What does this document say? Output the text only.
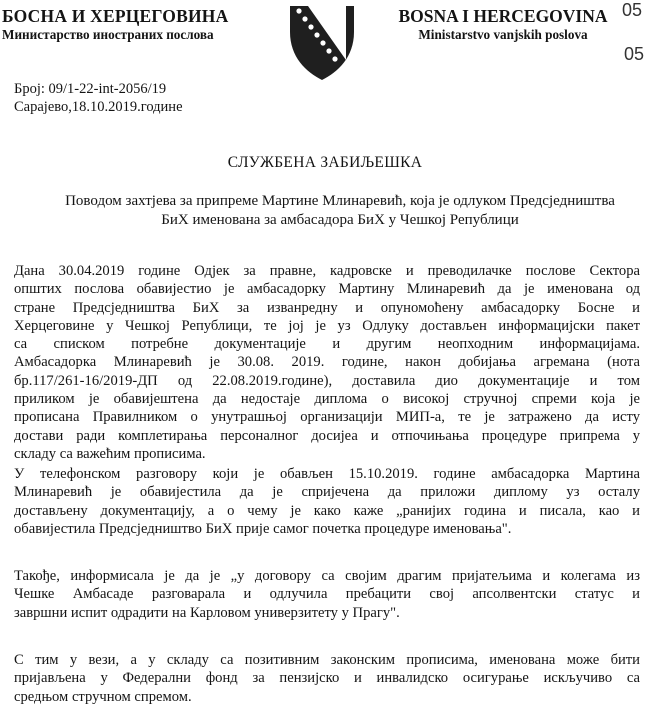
БОСНА И ХЕРЦЕГОВИНА
Министарство иностраних послова
BOSNA I HERCEGOVINA
Ministarstvo vanjskih poslova
05
05
Број: 09/1-22-int-2056/19
Сарајево,18.10.2019.године
СЛУЖБЕНА ЗАБИЉЕШКА
Поводом захтјева за припреме Мартине Млинаревић, која је одлуком Предсједништва
БиХ именована за амбасадора БиХ у Чешкој Републици
Дана 30.04.2019 године Одјек за правне, кадровске и преводилачке послове Сектора
општих послова обавијестио је амбасадорку Мартину Млинаревић да је именована од
стране Предсједништва БиХ за изванредну и опуномоћену амбасадорку Босне и
Херцеговине у Чешкој Републици, те јој је уз Одлуку достављен информацијски пакет
са списком потребне документације и другим неопходним информацијама.
Амбасадорка Млинаревић је 30.08. 2019. године, након добијања агремана (нота
бр.117/261-16/2019-ДП од 22.08.2019.године), доставила дио документације и том
приликом је обавијештена да недостаје диплома о високој стручној спреми која је
прописана Правилником о унутрашњој организацији МИП-а, те је затражено да исту
достави ради комплетирања персоналног досијеа и отпочињања процедуре припрема у
складу са важећим прописима.
У телефонском разговору који је обављен 15.10.2019. године амбасадорка Мартина
Млинаревић је обавијестила да је спријечена да приложи диплому уз осталу
достављену документацију, а о чему је како каже „ранијих година и писала, као и
обавијестила Предсједништво БиХ прије самог почетка процедуре именовања".
Такође, информисала је да је „у договору са својим драгим пријатељима и колегама из
Чешке Амбасаде разговарала и одлучила пребацити свој апсолвентски статус и
завршни испит одрадити на Карловом универзитету у Прагу".
С тим у вези, а у складу са позитивним законским прописима, именована може бити
пријављена у Федерални фонд за пензијско и инвалидско осигурање искључиво са
средњом стручном спремом.
